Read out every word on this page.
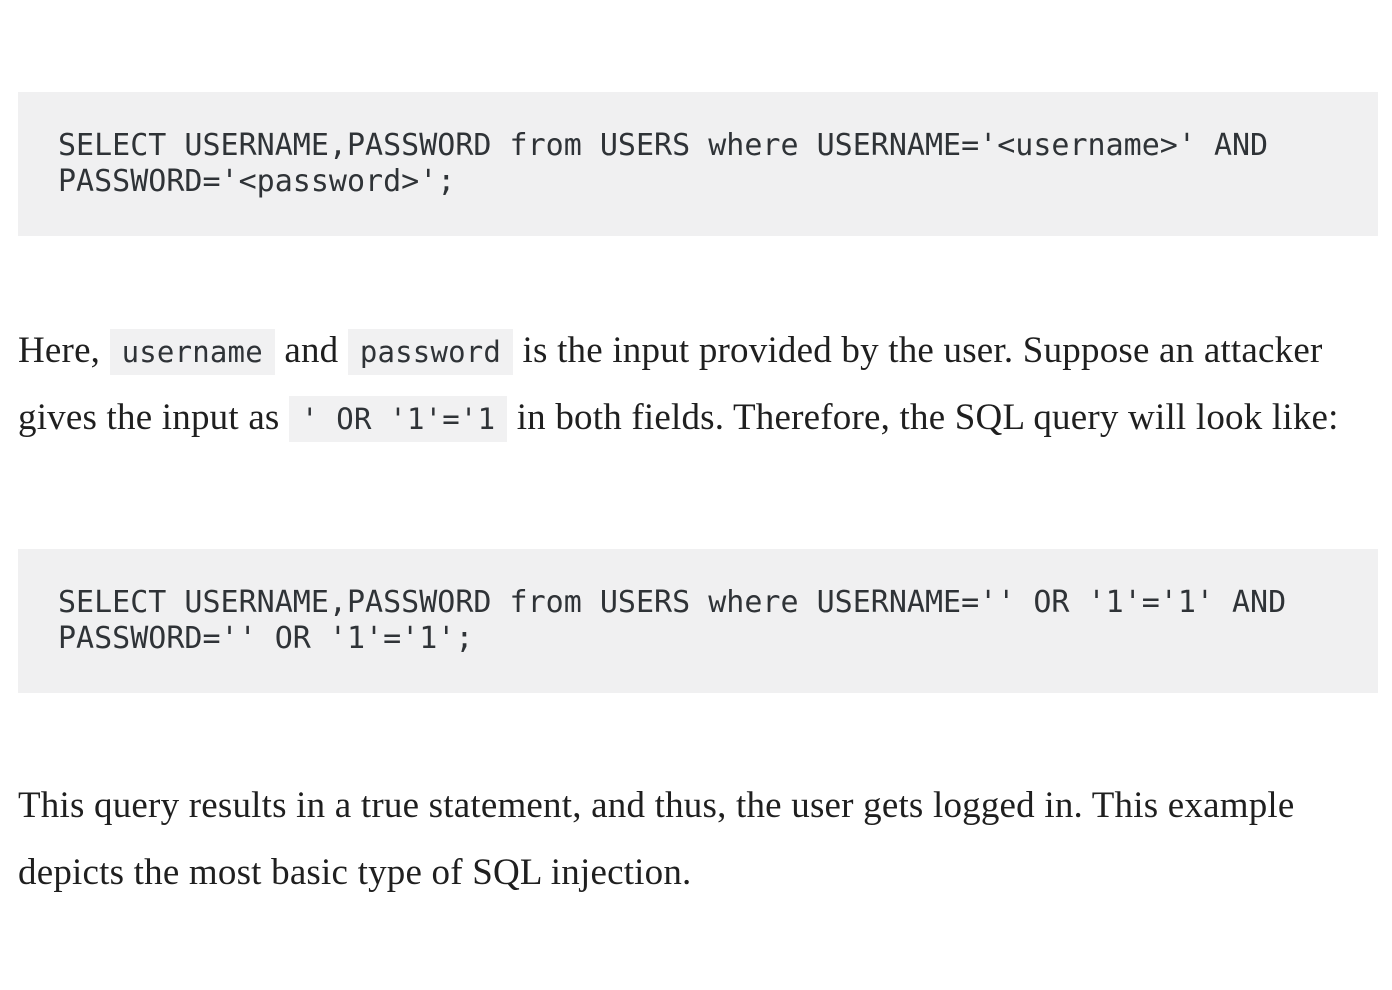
SELECT USERNAME,PASSWORD from USERS where USERNAME='<username>' AND PASSWORD='<password>';

Here, username and password is the input provided by the user. Suppose an attacker gives the input as ' OR '1'='1 in both fields. Therefore, the SQL query will look like:

SELECT USERNAME,PASSWORD from USERS where USERNAME='' OR '1'='1' AND PASSWORD='' OR '1'='1';

This query results in a true statement, and thus, the user gets logged in. This example depicts the most basic type of SQL injection.
